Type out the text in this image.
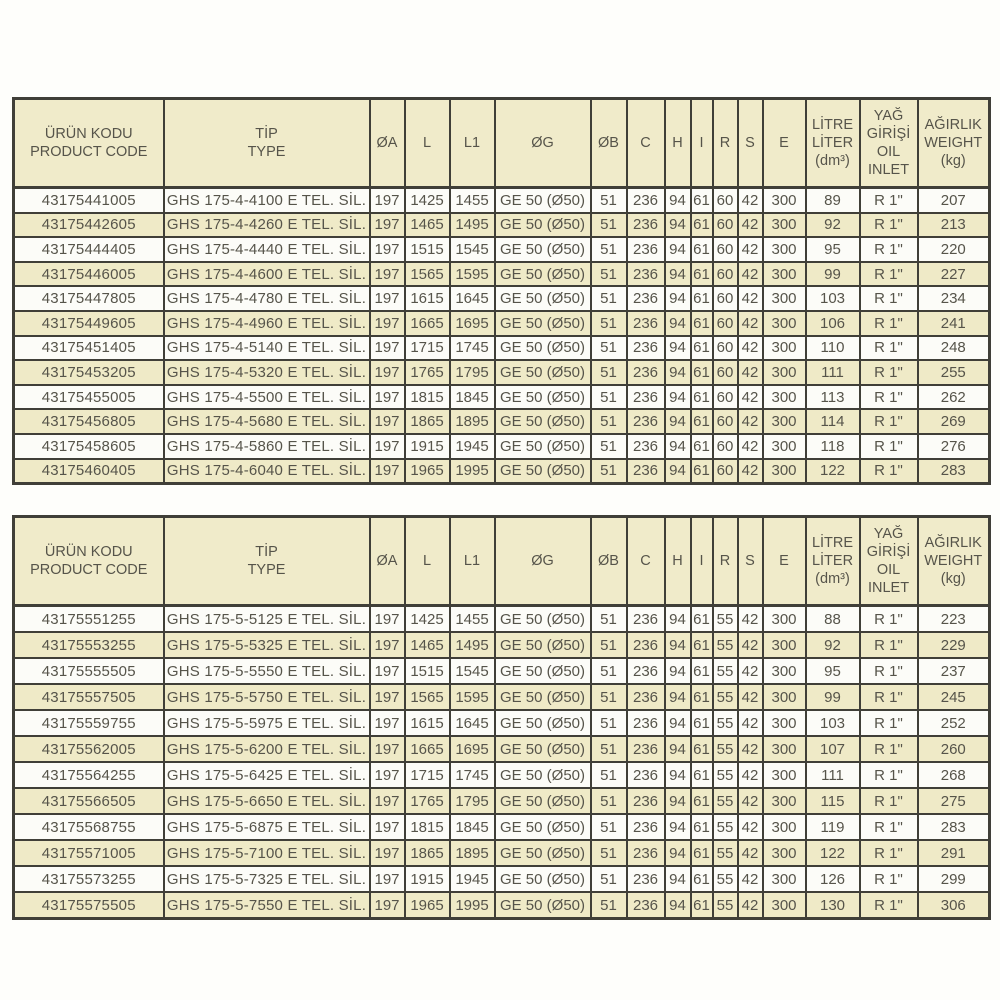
ÜRÜN KODU
PRODUCT CODE	TİP
TYPE	ØA	L	L1	ØG	ØB	C	H	I	R	S	E	LİTRE
LİTER
(dm³)	YAĞ
GİRİŞİ
OIL
INLET	AĞIRLIK
WEIGHT
(kg)

43175441005	GHS 175-4-4100 E TEL. SİL.	197	1425	1455	GE 50 (Ø50)	51	236	94	61	60	42	300	89	R 1"	207
43175442605	GHS 175-4-4260 E TEL. SİL.	197	1465	1495	GE 50 (Ø50)	51	236	94	61	60	42	300	92	R 1"	213
43175444405	GHS 175-4-4440 E TEL. SİL.	197	1515	1545	GE 50 (Ø50)	51	236	94	61	60	42	300	95	R 1"	220
43175446005	GHS 175-4-4600 E TEL. SİL.	197	1565	1595	GE 50 (Ø50)	51	236	94	61	60	42	300	99	R 1"	227
43175447805	GHS 175-4-4780 E TEL. SİL.	197	1615	1645	GE 50 (Ø50)	51	236	94	61	60	42	300	103	R 1"	234
43175449605	GHS 175-4-4960 E TEL. SİL.	197	1665	1695	GE 50 (Ø50)	51	236	94	61	60	42	300	106	R 1"	241
43175451405	GHS 175-4-5140 E TEL. SİL.	197	1715	1745	GE 50 (Ø50)	51	236	94	61	60	42	300	110	R 1"	248
43175453205	GHS 175-4-5320 E TEL. SİL.	197	1765	1795	GE 50 (Ø50)	51	236	94	61	60	42	300	111	R 1"	255
43175455005	GHS 175-4-5500 E TEL. SİL.	197	1815	1845	GE 50 (Ø50)	51	236	94	61	60	42	300	113	R 1"	262
43175456805	GHS 175-4-5680 E TEL. SİL.	197	1865	1895	GE 50 (Ø50)	51	236	94	61	60	42	300	114	R 1"	269
43175458605	GHS 175-4-5860 E TEL. SİL.	197	1915	1945	GE 50 (Ø50)	51	236	94	61	60	42	300	118	R 1"	276
43175460405	GHS 175-4-6040 E TEL. SİL.	197	1965	1995	GE 50 (Ø50)	51	236	94	61	60	42	300	122	R 1"	283
ÜRÜN KODU
PRODUCT CODE	TİP
TYPE	ØA	L	L1	ØG	ØB	C	H	I	R	S	E	LİTRE
LİTER
(dm³)	YAĞ
GİRİŞİ
OIL
INLET	AĞIRLIK
WEIGHT
(kg)

43175551255	GHS 175-5-5125 E TEL. SİL.	197	1425	1455	GE 50 (Ø50)	51	236	94	61	55	42	300	88	R 1"	223
43175553255	GHS 175-5-5325 E TEL. SİL.	197	1465	1495	GE 50 (Ø50)	51	236	94	61	55	42	300	92	R 1"	229
43175555505	GHS 175-5-5550 E TEL. SİL.	197	1515	1545	GE 50 (Ø50)	51	236	94	61	55	42	300	95	R 1"	237
43175557505	GHS 175-5-5750 E TEL. SİL.	197	1565	1595	GE 50 (Ø50)	51	236	94	61	55	42	300	99	R 1"	245
43175559755	GHS 175-5-5975 E TEL. SİL.	197	1615	1645	GE 50 (Ø50)	51	236	94	61	55	42	300	103	R 1"	252
43175562005	GHS 175-5-6200 E TEL. SİL.	197	1665	1695	GE 50 (Ø50)	51	236	94	61	55	42	300	107	R 1"	260
43175564255	GHS 175-5-6425 E TEL. SİL.	197	1715	1745	GE 50 (Ø50)	51	236	94	61	55	42	300	111	R 1"	268
43175566505	GHS 175-5-6650 E TEL. SİL.	197	1765	1795	GE 50 (Ø50)	51	236	94	61	55	42	300	115	R 1"	275
43175568755	GHS 175-5-6875 E TEL. SİL.	197	1815	1845	GE 50 (Ø50)	51	236	94	61	55	42	300	119	R 1"	283
43175571005	GHS 175-5-7100 E TEL. SİL.	197	1865	1895	GE 50 (Ø50)	51	236	94	61	55	42	300	122	R 1"	291
43175573255	GHS 175-5-7325 E TEL. SİL.	197	1915	1945	GE 50 (Ø50)	51	236	94	61	55	42	300	126	R 1"	299
43175575505	GHS 175-5-7550 E TEL. SİL.	197	1965	1995	GE 50 (Ø50)	51	236	94	61	55	42	300	130	R 1"	306
